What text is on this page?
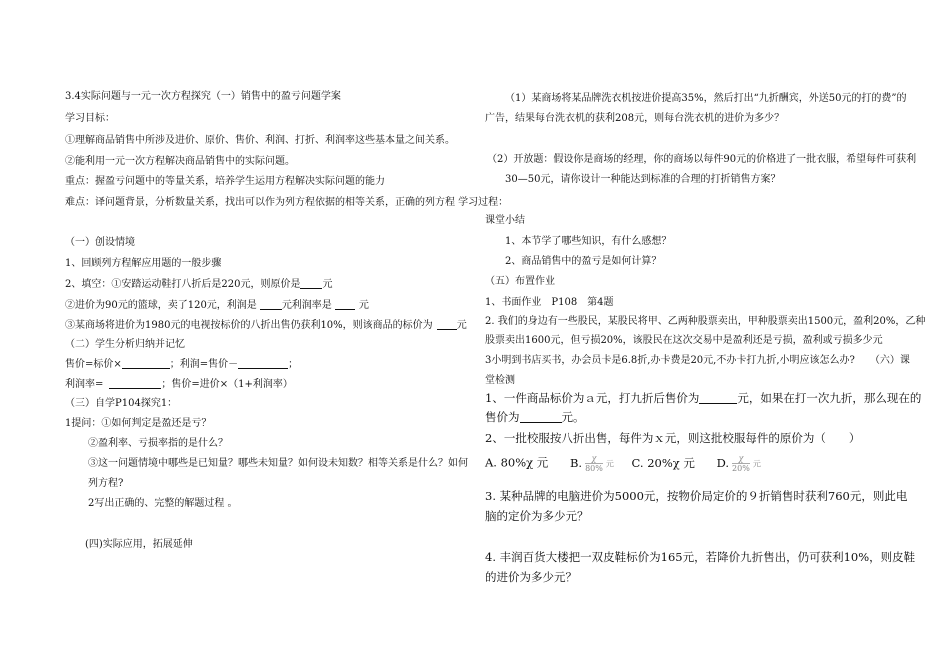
3.4实际问题与一元一次方程探究（一）销售中的盈亏问题学案
学习目标：
①理解商品销售中所涉及进价、原价、售价、利润、打折、利润率这些基本量之间关系。
②能利用一元一次方程解决商品销售中的实际问题。
重点：握盈亏问题中的等量关系，培养学生运用方程解决实际问题的能力
难点：译问题背景，分析数量关系，找出可以作为列方程依据的相等关系，正确的列方程 学习过程：
（一）创设情境
1、回顾列方程解应用题的一般步骤
2、填空：①安踏运动鞋打八折后是220元，则原价是 元
②进价为90元的篮球，卖了120元，利润是	元利润率是	元
③某商场将进价为1980元的电视按标价的八折出售仍获利10%，则该商品的标价为 元
（二）学生分析归纳并记忆
售价=标价×	；利润=售价－	；
利润率=	；售价=进价×（1+利润率）
（三）自学P104探究1：
1提问：①如何判定是盈还是亏？
②盈利率、亏损率指的是什么？
③这一问题情境中哪些是已知量？哪些未知量？如何设未知数？相等关系是什么？如何
列方程?
2写出正确的、完整的解题过程 。
(四)实际应用，拓展延伸
（1）某商场将某品牌洗衣机按进价提高35%，然后打出“九折酬宾，外送50元的打的费”的
广告，结果每台洗衣机的获利208元，则每台洗衣机的进价为多少？
（2）开放题：假设你是商场的经理，你的商场以每件90元的价格进了一批衣服，希望每件可获利
30—50元，请你设计一种能达到标准的合理的打折销售方案？
课堂小结
1、本节学了哪些知识，有什么感想？
2、商品销售中的盈亏是如何计算？
（五）布置作业
1、书面作业　P108　第4题
2. 我们的身边有一些股民，某股民将甲、乙两种股票卖出，甲种股票卖出1500元，盈利20%，乙种
股票卖出1600元，但亏损20%，该股民在这次交易中是盈利还是亏损，盈利或亏损多少元
3小明到书店买书，办会员卡是6.8折,办卡费是20元,不办卡打九折,小明应该怎么办?　　（六）课
堂检测
1、一件商品标价为ａ元，打九折后售价为	元，如果在打一次九折，那么现在的
售价为	元。
2、一批校服按八折出售，每件为ｘ元，则这批校服每件的原价为（　　）
A. 80%χ 元 B. $\frac{\chi}{80\%}$ 元 C. 20%χ 元 D. $\frac{\chi}{20\%}$ 元
3. 某种品牌的电脑进价为5000元，按物价局定价的９折销售时获利760元，则此电
脑的定价为多少元？
4. 丰润百货大楼把一双皮鞋标价为165元，若降价九折售出，仍可获利10%，则皮鞋
的进价为多少元？
